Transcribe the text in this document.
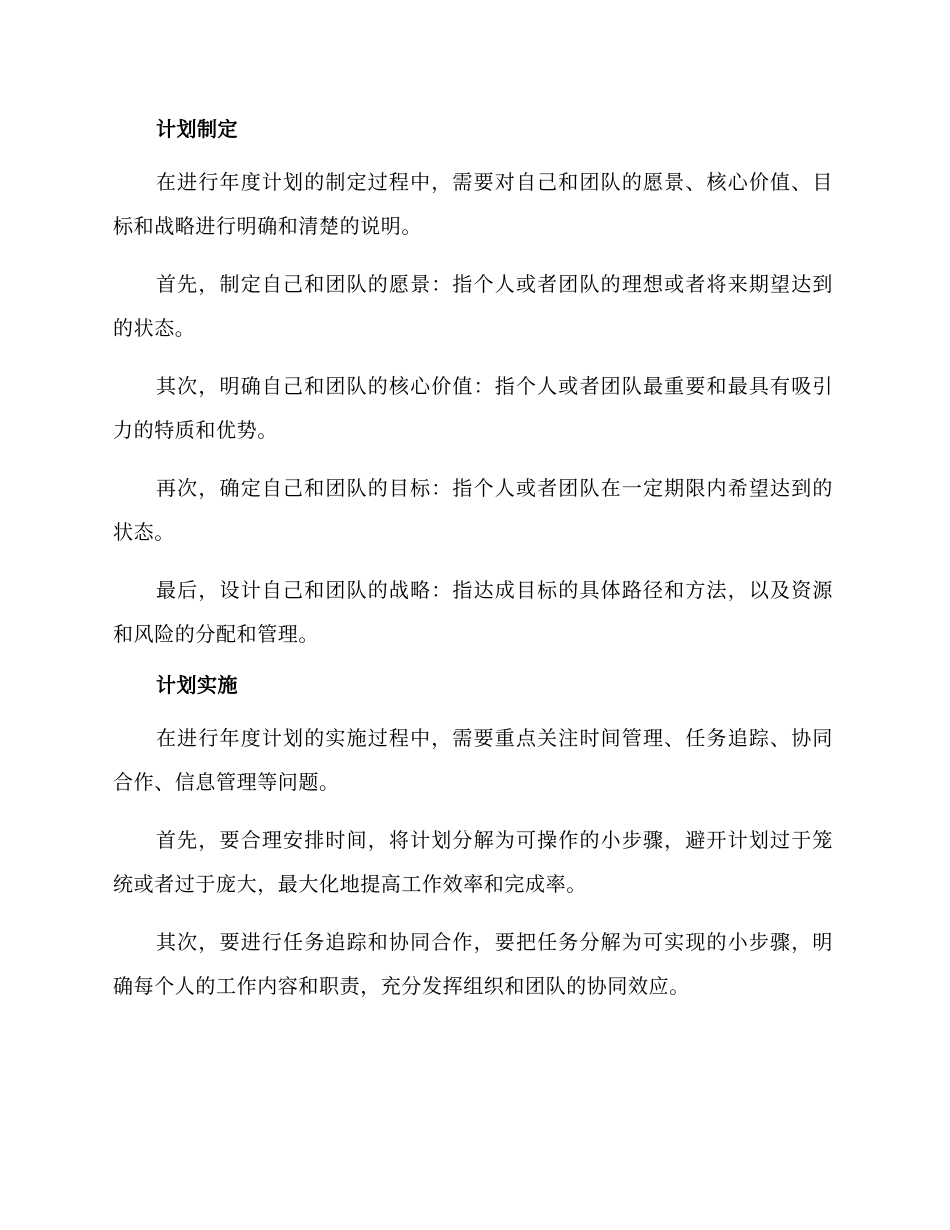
计划制定

在进行年度计划的制定过程中，需要对自己和团队的愿景、核心价值、目标和战略进行明确和清楚的说明。

首先，制定自己和团队的愿景：指个人或者团队的理想或者将来期望达到的状态。

其次，明确自己和团队的核心价值：指个人或者团队最重要和最具有吸引力的特质和优势。

再次，确定自己和团队的目标：指个人或者团队在一定期限内希望达到的状态。

最后，设计自己和团队的战略：指达成目标的具体路径和方法，以及资源和风险的分配和管理。

计划实施

在进行年度计划的实施过程中，需要重点关注时间管理、任务追踪、协同合作、信息管理等问题。

首先，要合理安排时间，将计划分解为可操作的小步骤，避开计划过于笼统或者过于庞大，最大化地提高工作效率和完成率。

其次，要进行任务追踪和协同合作，要把任务分解为可实现的小步骤，明确每个人的工作内容和职责，充分发挥组织和团队的协同效应。
